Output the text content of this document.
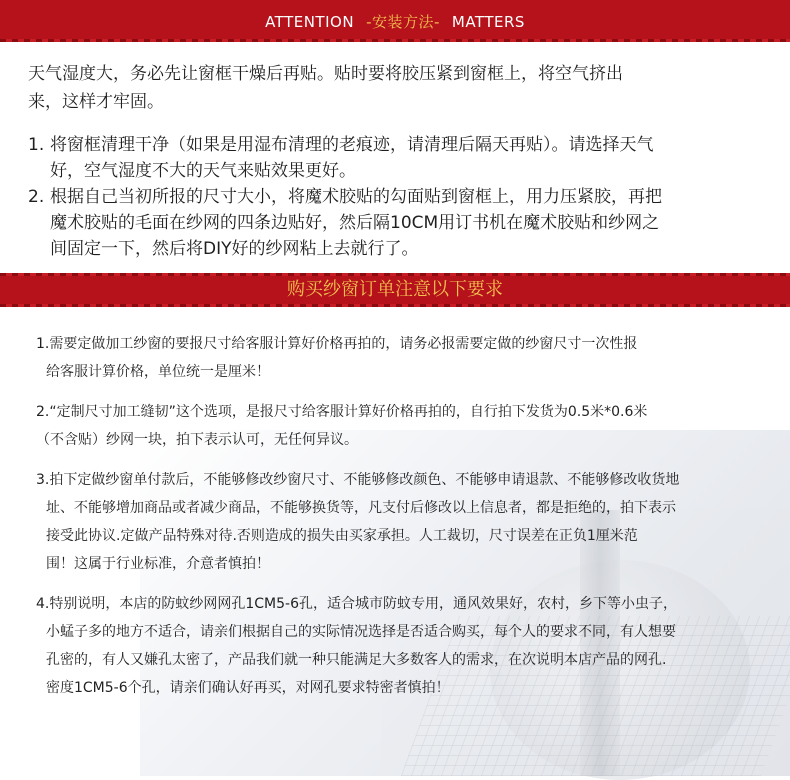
ATTENTION -安装方法- MATTERS

天气湿度大，务必先让窗框干燥后再贴。贴时要将胶压紧到窗框上，将空气挤出

来，这样才牢固。

1. 将窗框清理干净（如果是用湿布清理的老痕迹，请清理后隔天再贴）。请选择天气
好，空气湿度不大的天气来贴效果更好。
2. 根据自己当初所报的尺寸大小，将魔术胶贴的勾面贴到窗框上，用力压紧胶，再把
魔术胶贴的毛面在纱网的四条边贴好，然后隔10CM用订书机在魔术胶贴和纱网之
间固定一下，然后将DIY好的纱网粘上去就行了。
购买纱窗订单注意以下要求

1.需要定做加工纱窗的要报尺寸给客服计算好价格再拍的，请务必报需要定做的纱窗尺寸一次性报

给客服计算价格，单位统一是厘米！

2.“定制尺寸加工缝韧”这个选项，是报尺寸给客服计算好价格再拍的，自行拍下发货为0.5米*0.6米

（不含贴）纱网一块，拍下表示认可，无任何异议。

3.拍下定做纱窗单付款后，不能够修改纱窗尺寸、不能够修改颜色、不能够申请退款、不能够修改收货地

址、不能够增加商品或者减少商品，不能够换货等，凡支付后修改以上信息者，都是拒绝的，拍下表示

接受此协议.定做产品特殊对待.否则造成的损失由买家承担。人工裁切，尺寸误差在正负1厘米范

围！这属于行业标准，介意者慎拍！

4.特别说明，本店的防蚊纱网网孔1CM5-6孔，适合城市防蚊专用，通风效果好，农村，乡下等小虫子，

小蜢子多的地方不适合，请亲们根据自己的实际情况选择是否适合购买，每个人的要求不同，有人想要

孔密的，有人又嫌孔太密了，产品我们就一种只能满足大多数客人的需求，在次说明本店产品的网孔.

密度1CM5-6个孔，请亲们确认好再买，对网孔要求特密者慎拍！
